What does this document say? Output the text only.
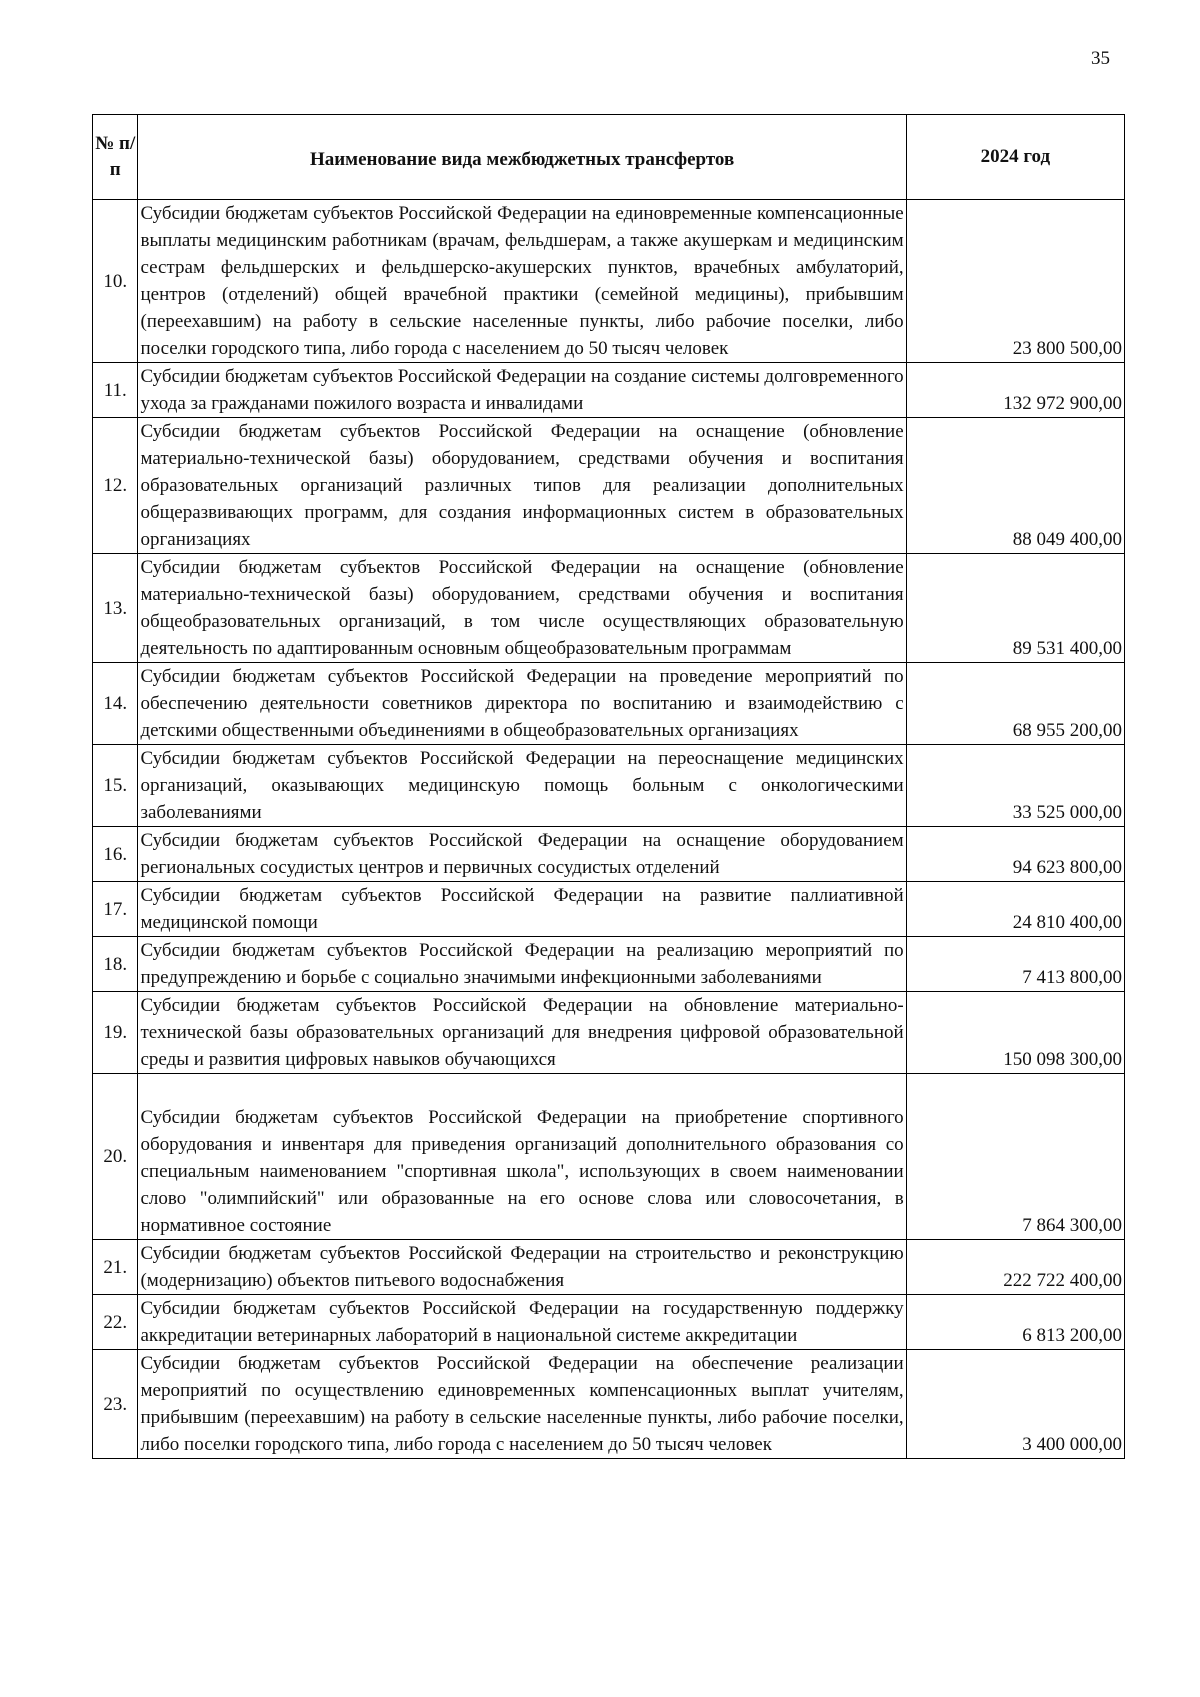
35
№ п/п	Наименование вида межбюджетных трансфертов	2024 год
10.	Субсидии бюджетам субъектов Российской Федерации на единовременные компенсационные выплаты медицинским работникам (врачам, фельдшерам, а также акушеркам и медицинским сестрам фельдшерских и фельдшерско-акушерских пунктов, врачебных амбулаторий, центров (отделений) общей врачебной практики (семейной медицины), прибывшим (переехавшим) на работу в сельские населенные пункты, либо рабочие поселки, либо поселки городского типа, либо города с населением до 50 тысяч человек	23 800 500,00
11.	Субсидии бюджетам субъектов Российской Федерации на создание системы долговременного ухода за гражданами пожилого возраста и инвалидами	132 972 900,00
12.	Субсидии бюджетам субъектов Российской Федерации на оснащение (обновление материально-технической базы) оборудованием, средствами обучения и воспитания образовательных организаций различных типов для реализации дополнительных общеразвивающих программ, для создания информационных систем в образовательных организациях	88 049 400,00
13.	Субсидии бюджетам субъектов Российской Федерации на оснащение (обновление материально-технической базы) оборудованием, средствами обучения и воспитания общеобразовательных организаций, в том числе осуществляющих образовательную деятельность по адаптированным основным общеобразовательным программам	89 531 400,00
14.	Субсидии бюджетам субъектов Российской Федерации на проведение мероприятий по обеспечению деятельности советников директора по воспитанию и взаимодействию с детскими общественными объединениями в общеобразовательных организациях	68 955 200,00
15.	Субсидии бюджетам субъектов Российской Федерации на переоснащение медицинских организаций, оказывающих медицинскую помощь больным с онкологическими заболеваниями	33 525 000,00
16.	Субсидии бюджетам субъектов Российской Федерации на оснащение оборудованием региональных сосудистых центров и первичных сосудистых отделений	94 623 800,00
17.	Субсидии бюджетам субъектов Российской Федерации на развитие паллиативной медицинской помощи	24 810 400,00
18.	Субсидии бюджетам субъектов Российской Федерации на реализацию мероприятий по предупреждению и борьбе с социально значимыми инфекционными заболеваниями	7 413 800,00
19.	Субсидии бюджетам субъектов Российской Федерации на обновление материально-технической базы образовательных организаций для внедрения цифровой образовательной среды и развития цифровых навыков обучающихся	150 098 300,00
20.	Субсидии бюджетам субъектов Российской Федерации на приобретение спортивного оборудования и инвентаря для приведения организаций дополнительного образования со специальным наименованием "спортивная школа", использующих в своем наименовании слово "олимпийский" или образованные на его основе слова или словосочетания, в нормативное состояние	7 864 300,00
21.	Субсидии бюджетам субъектов Российской Федерации на строительство и реконструкцию (модернизацию) объектов питьевого водоснабжения	222 722 400,00
22.	Субсидии бюджетам субъектов Российской Федерации на государственную поддержку аккредитации ветеринарных лабораторий в национальной системе аккредитации	6 813 200,00
23.	Субсидии бюджетам субъектов Российской Федерации на обеспечение реализации мероприятий по осуществлению единовременных компенсационных выплат учителям, прибывшим (переехавшим) на работу в сельские населенные пункты, либо рабочие поселки, либо поселки городского типа, либо города с населением до 50 тысяч человек	3 400 000,00
